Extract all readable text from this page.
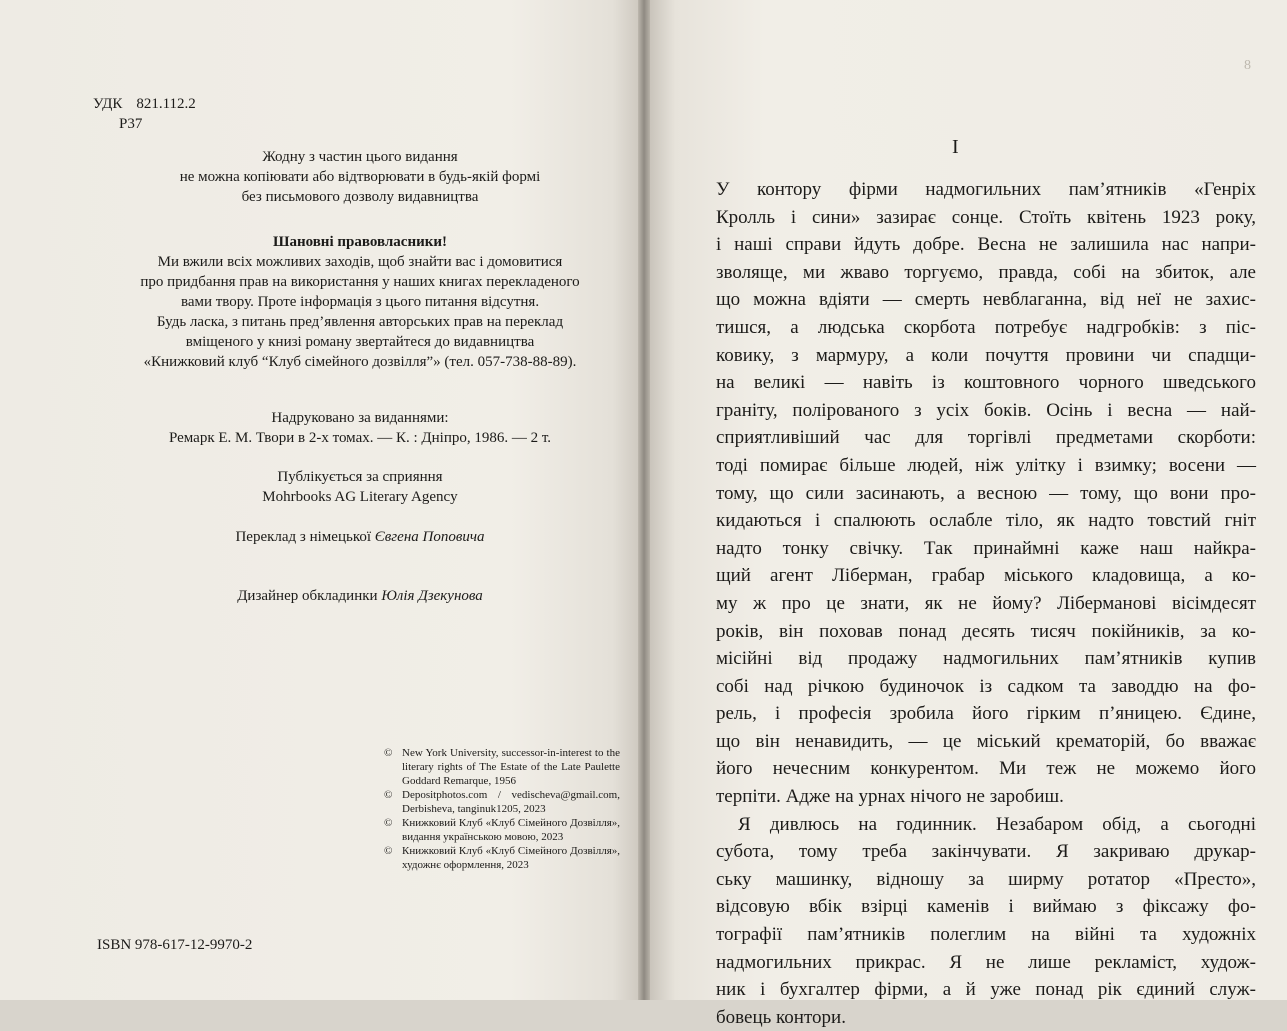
УДК 821.112.2
Р37
Жодну з частин цього видання
не можна копіювати або відтворювати в будь-якій формі
без письмового дозволу видавництва
Шановні правовласники!
Ми вжили всіх можливих заходів, щоб знайти вас і домовитися
про придбання прав на використання у наших книгах перекладеного
вами твору. Проте інформація з цього питання відсутня.
Будь ласка, з питань пред’явлення авторських прав на переклад
вміщеного у книзі роману звертайтеся до видавництва
«Книжковий клуб “Клуб сімейного дозвілля”» (тел. 057-738-88-89).
Надруковано за виданнями:
Ремарк Е. М. Твори в 2-х томах. — К. : Дніпро, 1986. — 2 т.
Публікується за сприяння
Mohrbooks AG Literary Agency
Переклад з німецької Євгена Поповича
Дизайнер обкладинки Юлія Дзекунова
© New York University, successor-in-interest to the literary rights of The Estate of the Late Paulette Goddard Remarque, 1956
© Depositphotos.com / vedischeva@gmail.com, Derbisheva, tanginuk1205, 2023
© Книжковий Клуб «Клуб Сімейного Дозвілля», видання українською мовою, 2023
© Книжковий Клуб «Клуб Сімейного Дозвілля», художнє оформлення, 2023
ISBN 978-617-12-9970-2
8
I
У контору фірми надмогильних пам’ятників «Генріх
Кролль і сини» зазирає сонце. Стоїть квітень 1923 року,
і наші справи йдуть добре. Весна не залишила нас напри-
зволяще, ми жваво торгуємо, правда, собі на збиток, але
що можна вдіяти — смерть невблаганна, від неї не захис-
тишся, а людська скорбота потребує надгробків: з піс-
ковику, з мармуру, а коли почуття провини чи спадщи-
на великі — навіть із коштовного чорного шведського
граніту, полірованого з усіх боків. Осінь і весна — най-
сприятливіший час для торгівлі предметами скорботи:
тоді помирає більше людей, ніж улітку і взимку; восени —
тому, що сили засинають, а весною — тому, що вони про-
кидаються і спалюють ослабле тіло, як надто товстий гніт
надто тонку свічку. Так принаймні каже наш найкра-
щий агент Ліберман, грабар міського кладовища, а ко-
му ж про це знати, як не йому? Лібермановi вісімдесят
років, він поховав понад десять тисяч покійників, за ко-
місійні від продажу надмогильних пам’ятників купив
собі над річкою будиночок із садком та заводдю на фо-
рель, і професія зробила його гірким п’яницею. Єдине,
що він ненавидить, — це міський крематорій, бо вважає
його нечесним конкурентом. Ми теж не можемо його
терпіти. Адже на урнах нічого не заробиш.
Я дивлюсь на годинник. Незабаром обід, а сьогодні
субота, тому треба закінчувати. Я закриваю друкар-
ську машинку, відношу за ширму ротатор «Престо»,
відсовую вбік взірці каменів і виймаю з фіксажу фо-
тографії пам’ятників полеглим на війні та художніх
надмогильних прикрас. Я не лише рекламіст, худож-
ник і бухгалтер фірми, а й уже понад рік єдиний служ-
бовець контори.
